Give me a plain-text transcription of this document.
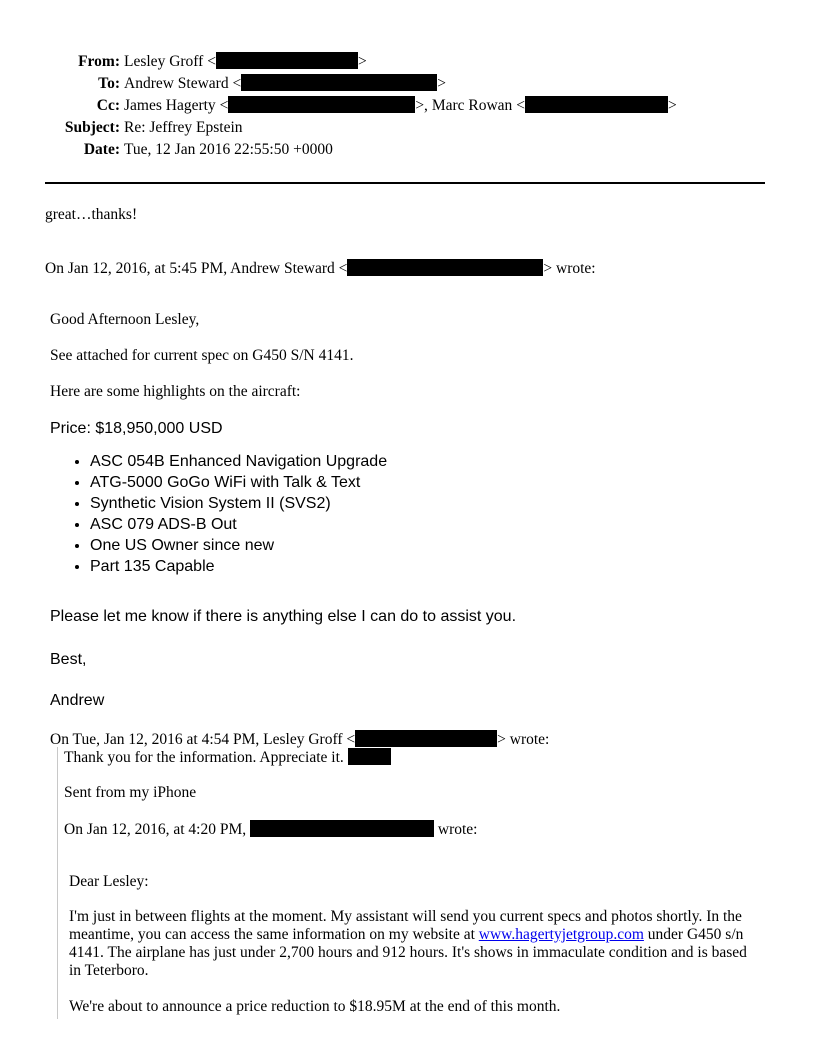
From: Lesley Groff <	>
To: Andrew Steward <	>
Cc: James Hagerty <	>, Marc Rowan <	>
Subject: Re: Jeffrey Epstein
Date: Tue, 12 Jan 2016 22:55:50 +0000
great…thanks!
On Jan 12, 2016, at 5:45 PM, Andrew Steward <	> wrote:
Good Afternoon Lesley,
See attached for current spec on G450 S/N 4141.
Here are some highlights on the aircraft:
Price: $18,950,000 USD
• ASC 054B Enhanced Navigation Upgrade
• ATG-5000 GoGo WiFi with Talk & Text
• Synthetic Vision System II (SVS2)
• ASC 079 ADS-B Out
• One US Owner since new
• Part 135 Capable
Please let me know if there is anything else I can do to assist you.
Best,
Andrew
On Tue, Jan 12, 2016 at 4:54 PM, Lesley Groff <	> wrote:
Thank you for the information. Appreciate it.
Sent from my iPhone
On Jan 12, 2016, at 4:20 PM,	wrote:
Dear Lesley:
I'm just in between flights at the moment. My assistant will send you current specs and photos shortly. In the meantime, you can access the same information on my website at www.hagertyjetgroup.com under G450 s/n 4141. The airplane has just under 2,700 hours and 912 hours. It's shows in immaculate condition and is based in Teterboro.
We're about to announce a price reduction to $18.95M at the end of this month.
